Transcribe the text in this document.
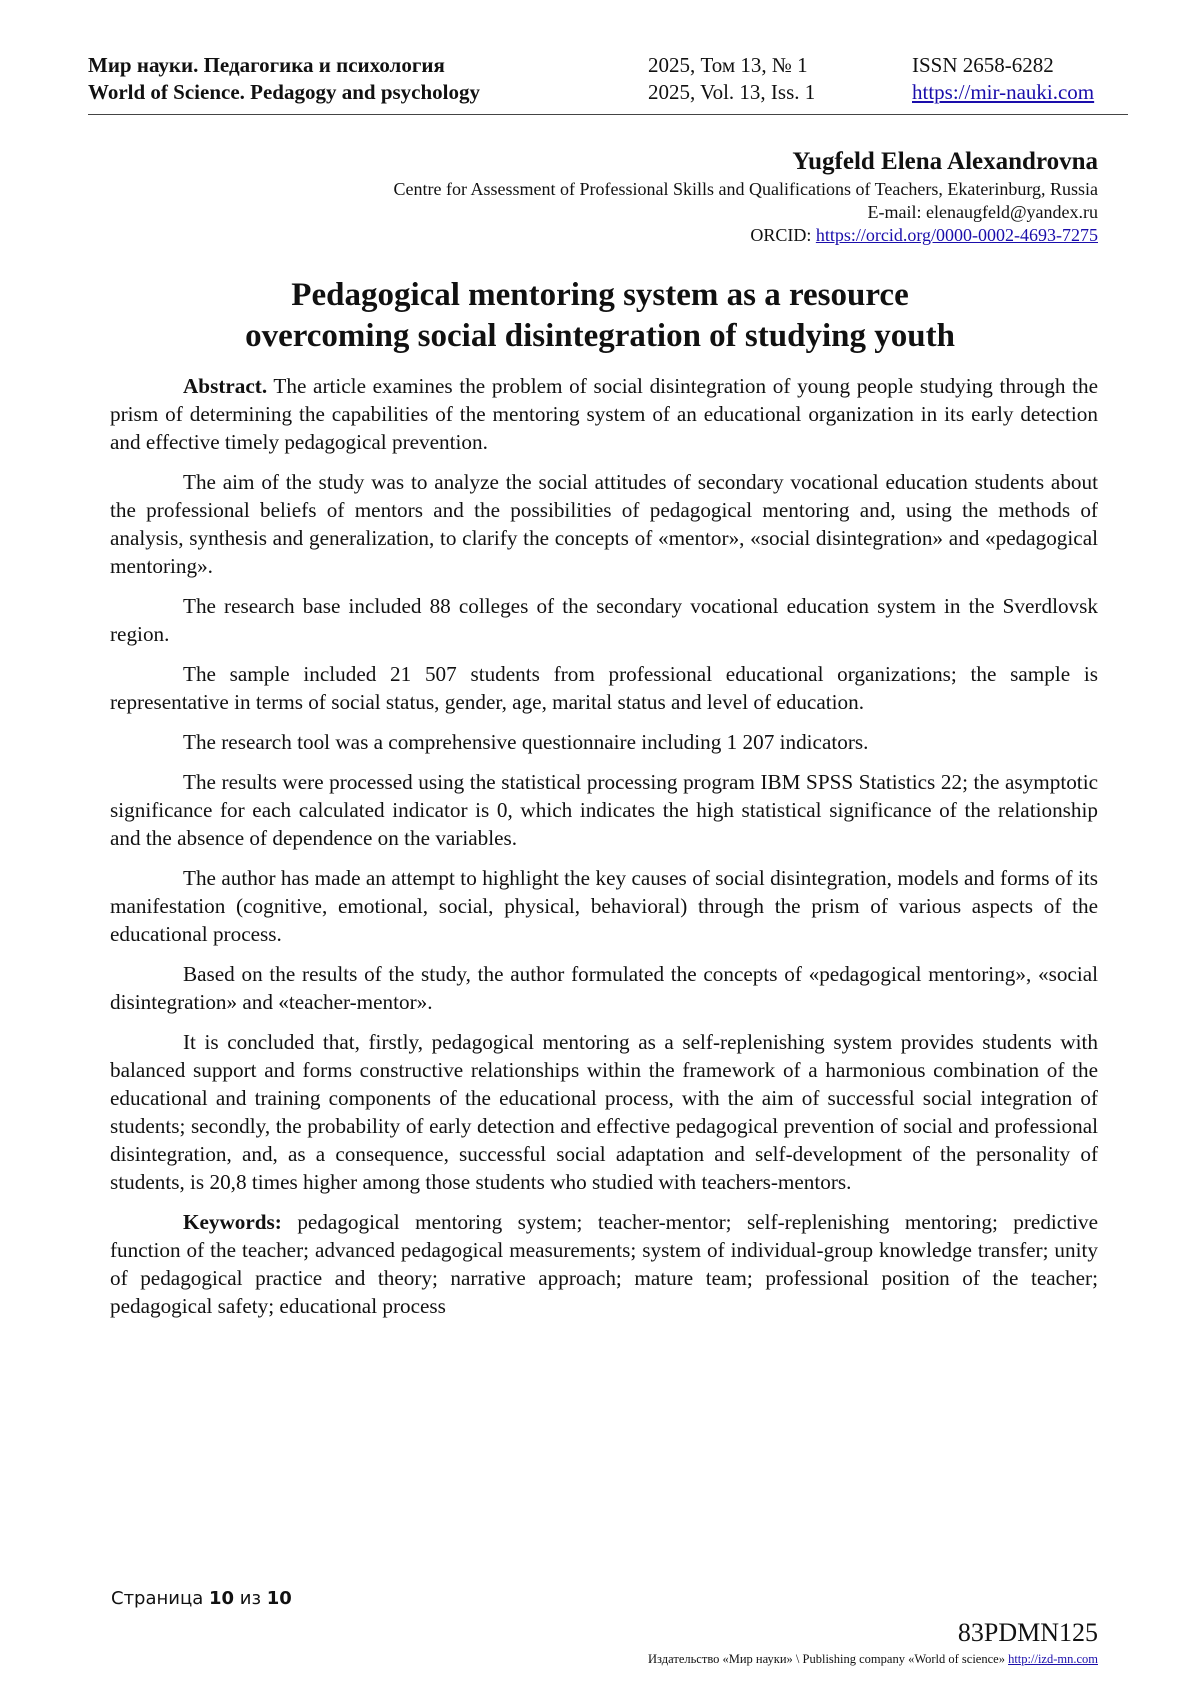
Мир науки. Педагогика и психология
World of Science. Pedagogy and psychology
2025, Том 13, № 1
2025, Vol. 13, Iss. 1
ISSN 2658-6282
https://mir-nauki.com
Yugfeld Elena Alexandrovna
Centre for Assessment of Professional Skills and Qualifications of Teachers, Ekaterinburg, Russia
E-mail: elenaugfeld@yandex.ru
ORCID: https://orcid.org/0000-0002-4693-7275
Pedagogical mentoring system as a resource
overcoming social disintegration of studying youth

Abstract. The article examines the problem of social disintegration of young people studying through the prism of determining the capabilities of the mentoring system of an educational organization in its early detection and effective timely pedagogical prevention.

The aim of the study was to analyze the social attitudes of secondary vocational education students about the professional beliefs of mentors and the possibilities of pedagogical mentoring and, using the methods of analysis, synthesis and generalization, to clarify the concepts of «mentor», «social disintegration» and «pedagogical mentoring».

The research base included 88 colleges of the secondary vocational education system in the Sverdlovsk region.

The sample included 21 507 students from professional educational organizations; the sample is representative in terms of social status, gender, age, marital status and level of education.

The research tool was a comprehensive questionnaire including 1 207 indicators.

The results were processed using the statistical processing program IBM SPSS Statistics 22; the asymptotic significance for each calculated indicator is 0, which indicates the high statistical significance of the relationship and the absence of dependence on the variables.

The author has made an attempt to highlight the key causes of social disintegration, models and forms of its manifestation (cognitive, emotional, social, physical, behavioral) through the prism of various aspects of the educational process.

Based on the results of the study, the author formulated the concepts of «pedagogical mentoring», «social disintegration» and «teacher-mentor».

It is concluded that, firstly, pedagogical mentoring as a self-replenishing system provides students with balanced support and forms constructive relationships within the framework of a harmonious combination of the educational and training components of the educational process, with the aim of successful social integration of students; secondly, the probability of early detection and effective pedagogical prevention of social and professional disintegration, and, as a consequence, successful social adaptation and self-development of the personality of students, is 20,8 times higher among those students who studied with teachers-mentors.

Keywords: pedagogical mentoring system; teacher-mentor; self-replenishing mentoring; predictive function of the teacher; advanced pedagogical measurements; system of individual-group knowledge transfer; unity of pedagogical practice and theory; narrative approach; mature team; professional position of the teacher; pedagogical safety; educational process

Страница 10 из 10
83PDMN125
Издательство «Мир науки» \ Publishing company «World of science» http://izd-mn.com
